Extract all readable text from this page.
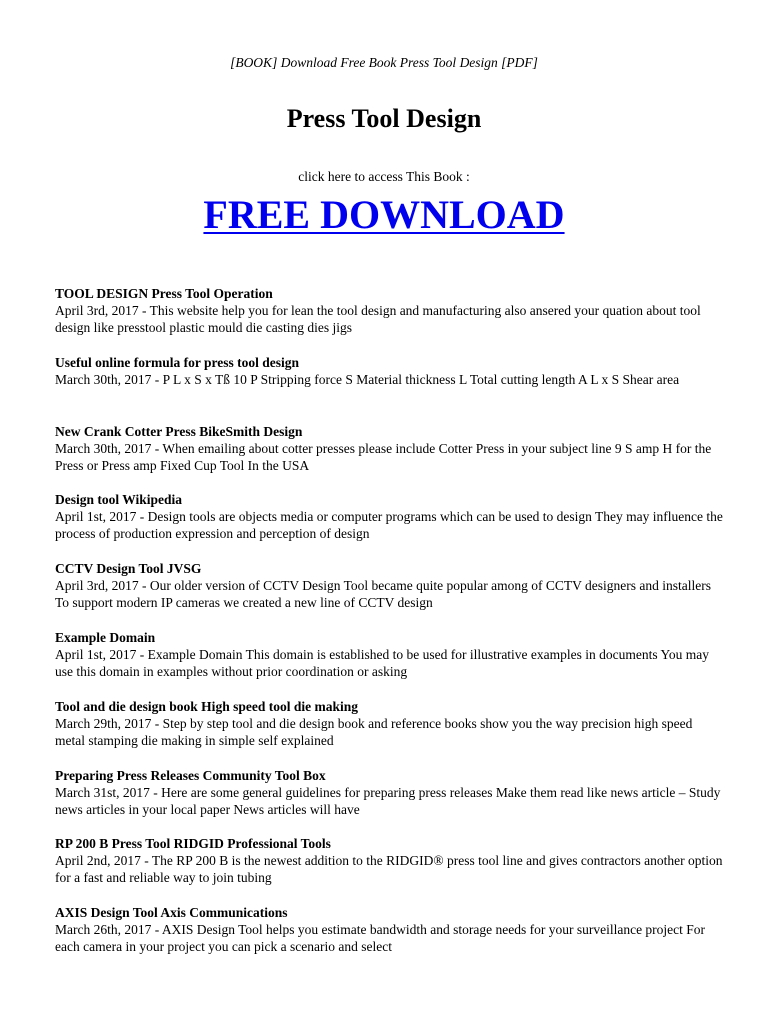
[BOOK] Download Free Book Press Tool Design [PDF]
Press Tool Design
click here to access This Book :
FREE DOWNLOAD
TOOL DESIGN Press Tool Operation
April 3rd, 2017 - This website help you for lean the tool design and manufacturing also ansered your quation about tool design like presstool plastic mould die casting dies jigs
Useful online formula for press tool design
March 30th, 2017 - P L x S x Tß 10 P Stripping force S Material thickness L Total cutting length A L x S Shear area
New Crank Cotter Press BikeSmith Design
March 30th, 2017 - When emailing about cotter presses please include Cotter Press in your subject line 9 S amp H for the Press or Press amp Fixed Cup Tool In the USA
Design tool Wikipedia
April 1st, 2017 - Design tools are objects media or computer programs which can be used to design They may influence the process of production expression and perception of design
CCTV Design Tool JVSG
April 3rd, 2017 - Our older version of CCTV Design Tool became quite popular among of CCTV designers and installers To support modern IP cameras we created a new line of CCTV design
Example Domain
April 1st, 2017 - Example Domain This domain is established to be used for illustrative examples in documents You may use this domain in examples without prior coordination or asking
Tool and die design book High speed tool die making
March 29th, 2017 - Step by step tool and die design book and reference books show you the way precision high speed metal stamping die making in simple self explained
Preparing Press Releases Community Tool Box
March 31st, 2017 - Here are some general guidelines for preparing press releases Make them read like news article – Study news articles in your local paper News articles will have
RP 200 B Press Tool RIDGID Professional Tools
April 2nd, 2017 - The RP 200 B is the newest addition to the RIDGID® press tool line and gives contractors another option for a fast and reliable way to join tubing
AXIS Design Tool Axis Communications
March 26th, 2017 - AXIS Design Tool helps you estimate bandwidth and storage needs for your surveillance project For each camera in your project you can pick a scenario and select
